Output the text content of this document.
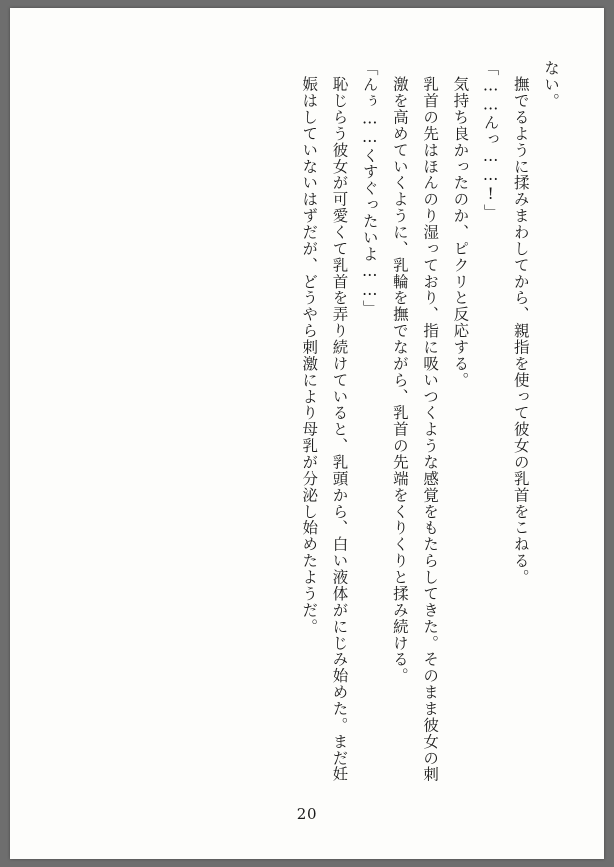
ない。
撫でるように揉みまわしてから、親指を使って彼女の乳首をこねる。
「……んっ……!」
気持ち良かったのか、ピクリと反応する。
乳首の先はほんのり湿っており、指に吸いつくような感覚をもたらしてきた。そのまま彼女の刺激を高めていくように、乳輪を撫でながら、乳首の先端をくりくりと揉み続ける。
「んぅ……くすぐったいよ……」
恥じらう彼女が可愛くて乳首を弄り続けていると、乳頭から、白い液体がにじみ始めた。まだ妊娠はしていないはずだが、どうやら刺激により母乳が分泌し始めたようだ。
20
